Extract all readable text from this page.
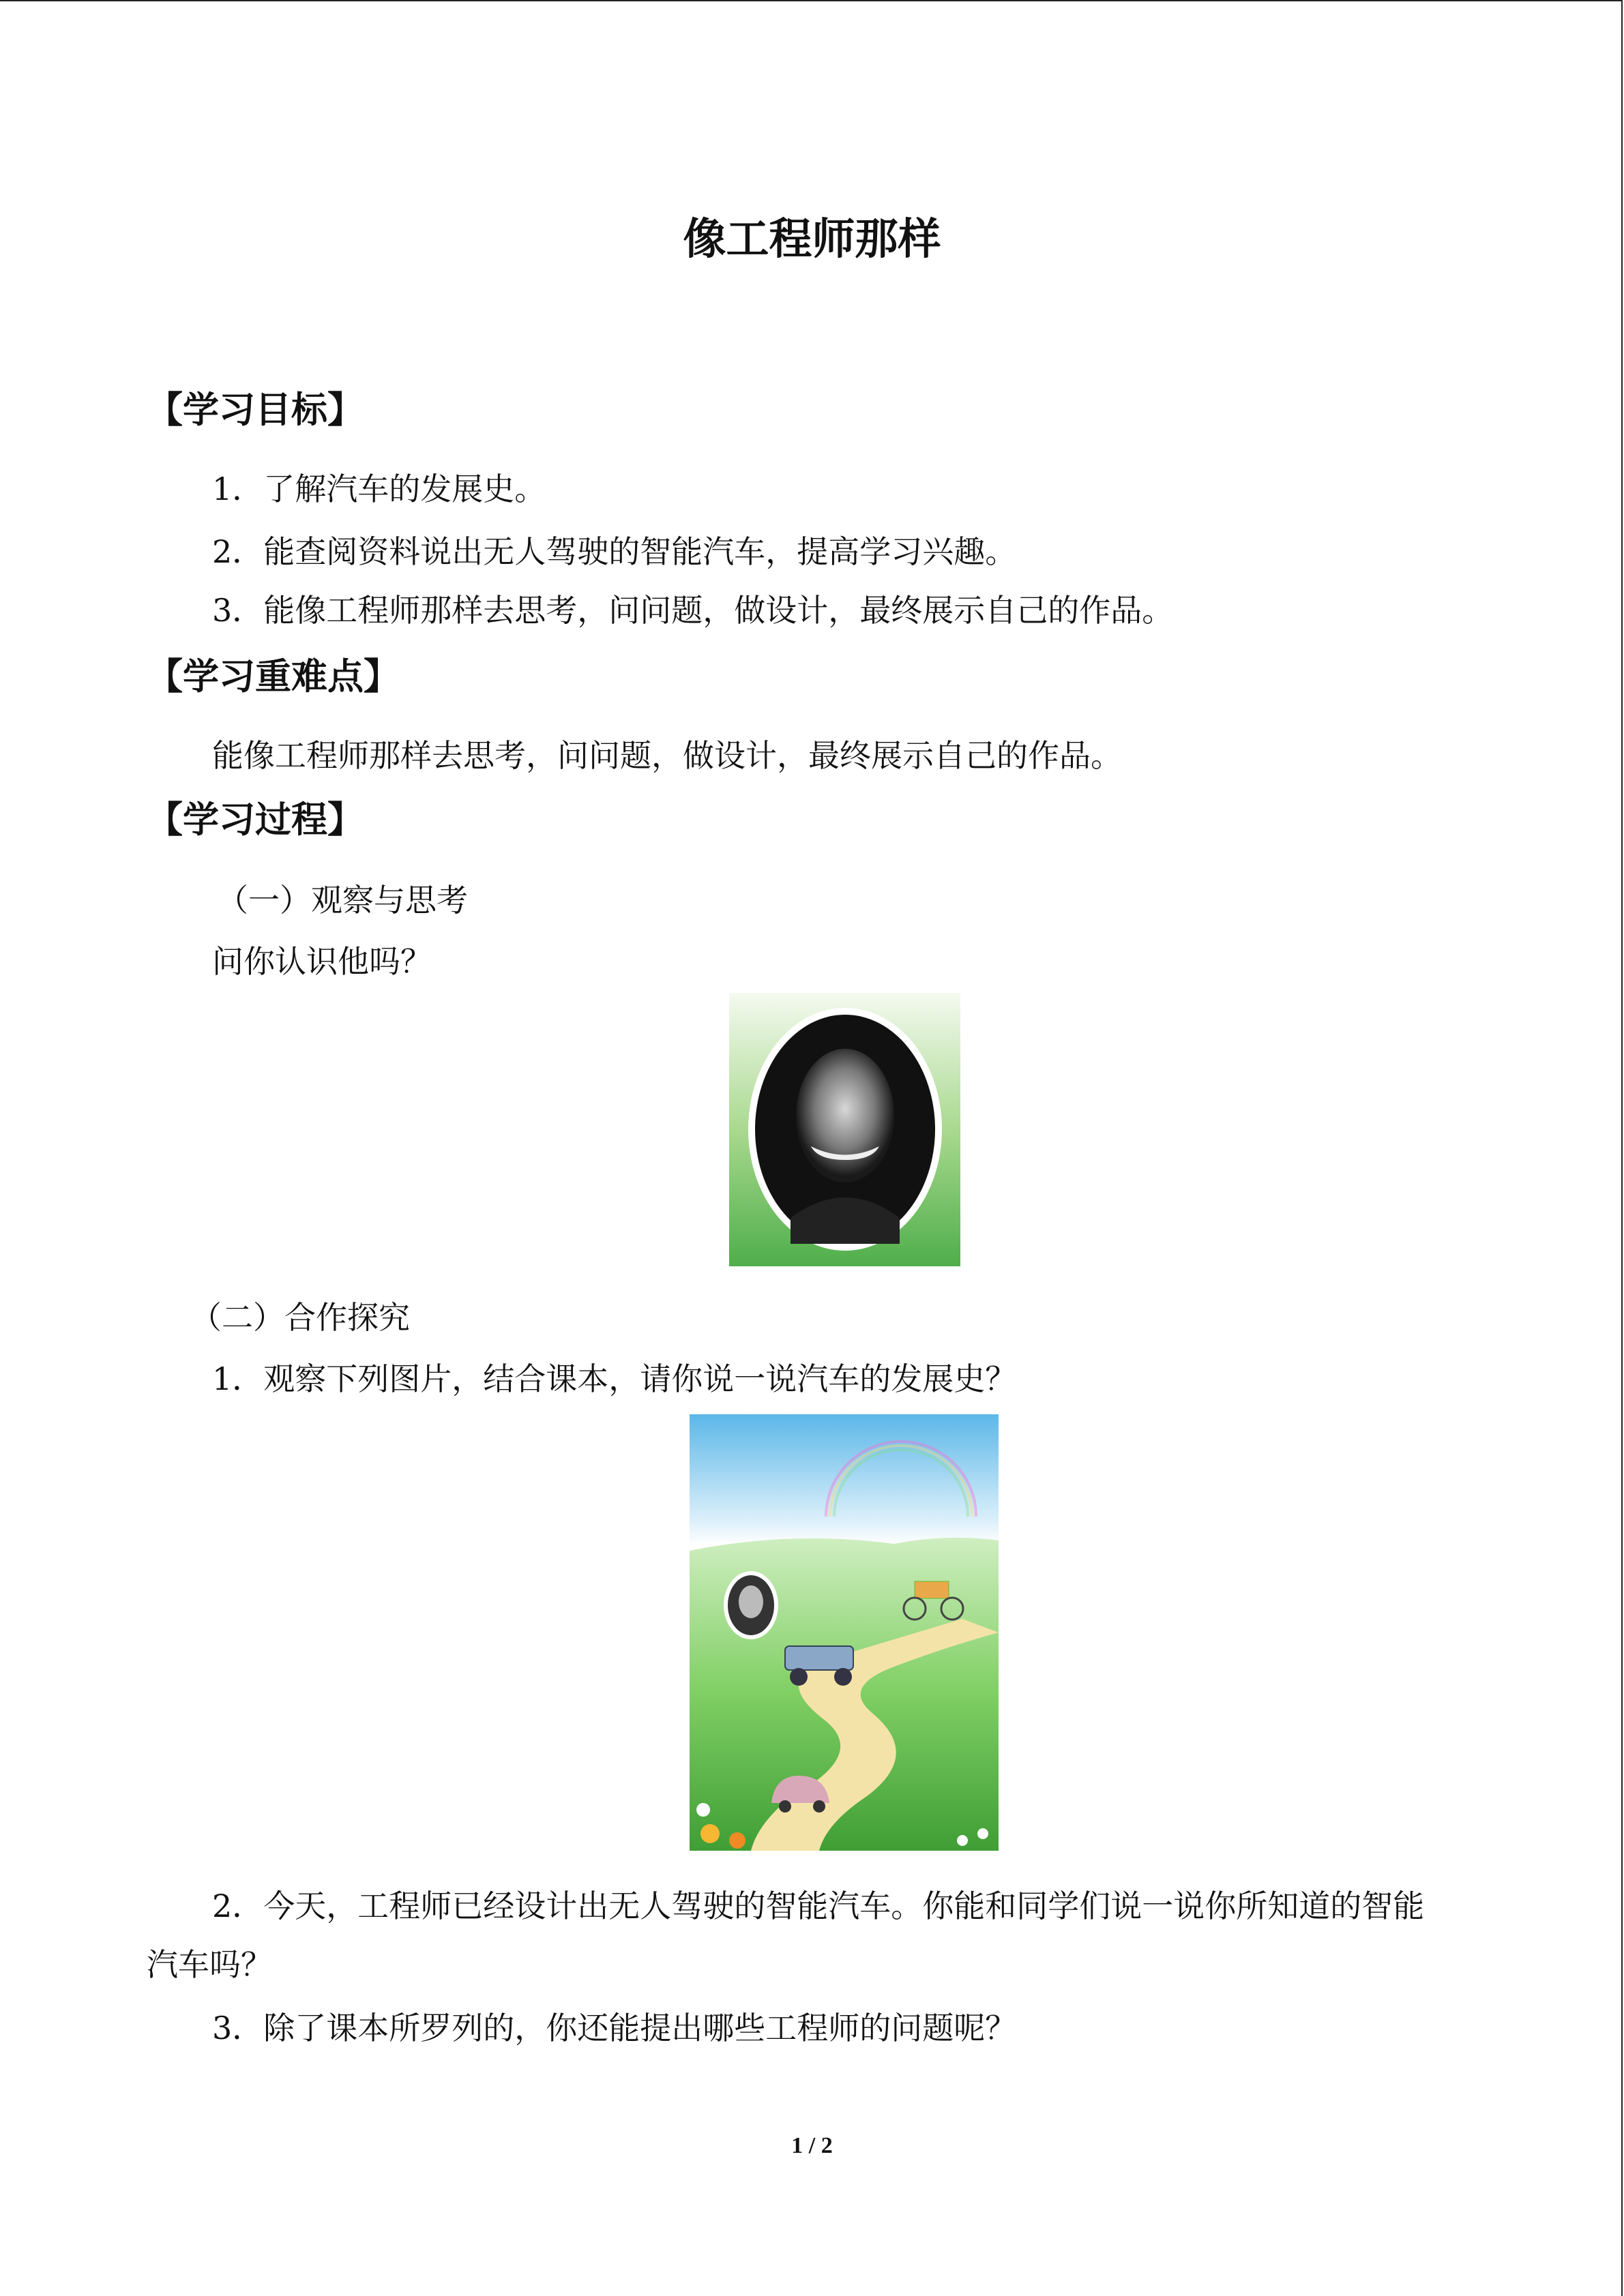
像工程师那样
【学习目标】
1．了解汽车的发展史。
2．能查阅资料说出无人驾驶的智能汽车，提高学习兴趣。
3．能像工程师那样去思考，问问题，做设计，最终展示自己的作品。
【学习重难点】
能像工程师那样去思考，问问题，做设计，最终展示自己的作品。
【学习过程】
（一）观察与思考
问你认识他吗？
（二）合作探究
1．观察下列图片，结合课本，请你说一说汽车的发展史？
2．今天，工程师已经设计出无人驾驶的智能汽车。你能和同学们说一说你所知道的智能
汽车吗？
3．除了课本所罗列的，你还能提出哪些工程师的问题呢？
1 / 2
